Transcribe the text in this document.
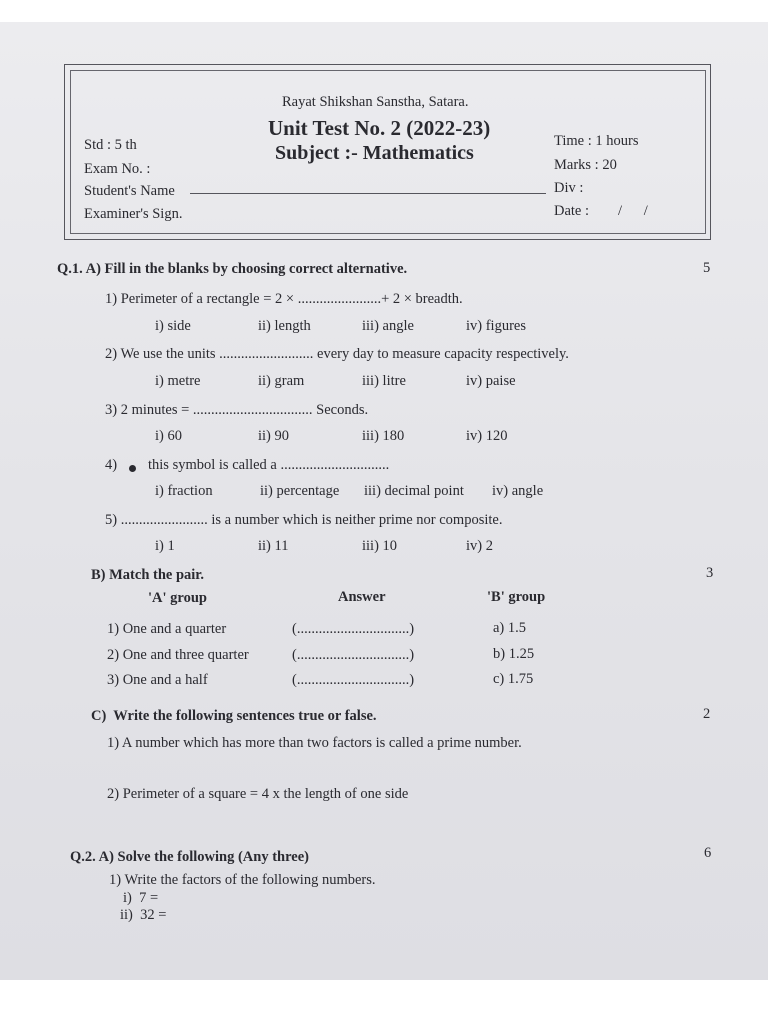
Rayat Shikshan Sanstha, Satara.
Unit Test No. 2 (2022-23)
Subject :- Mathematics
Std : 5 th
Exam No. :
Student's Name
Examiner's Sign.
Time : 1 hours
Marks : 20
Div :
Date : /      /
Q.1. A) Fill in the blanks by choosing correct alternative.	5
1) Perimeter of a rectangle = 2 × .......................+ 2 × breadth.
i) side	ii) length	iii) angle	iv) figures
2) We use the units .......................... every day to measure capacity respectively.
i) metre	ii) gram	iii) litre	iv) paise
3) 2 minutes = ................................. Seconds.
i) 60	ii) 90	iii) 180	iv) 120
4) this symbol is called a ..............................
i) fraction	ii) percentage iii) decimal point iv) angle
5) ........................ is a number which is neither prime nor composite.
i) 1	ii) 11	iii) 10	iv) 2
B) Match the pair.	3
'A' group	Answer	'B' group
1) One and a quarter	(...............................)	a) 1.5
2) One and three quarter	(...............................)	b) 1.25
3) One and a half	(...............................)	c) 1.75
C)  Write the following sentences true or false.	2
1) A number which has more than two factors is called a prime number.
2) Perimeter of a square = 4 x the length of one side
Q.2. A) Solve the following (Any three)	6
1) Write the factors of the following numbers.
i)  7 =
ii)  32 =
